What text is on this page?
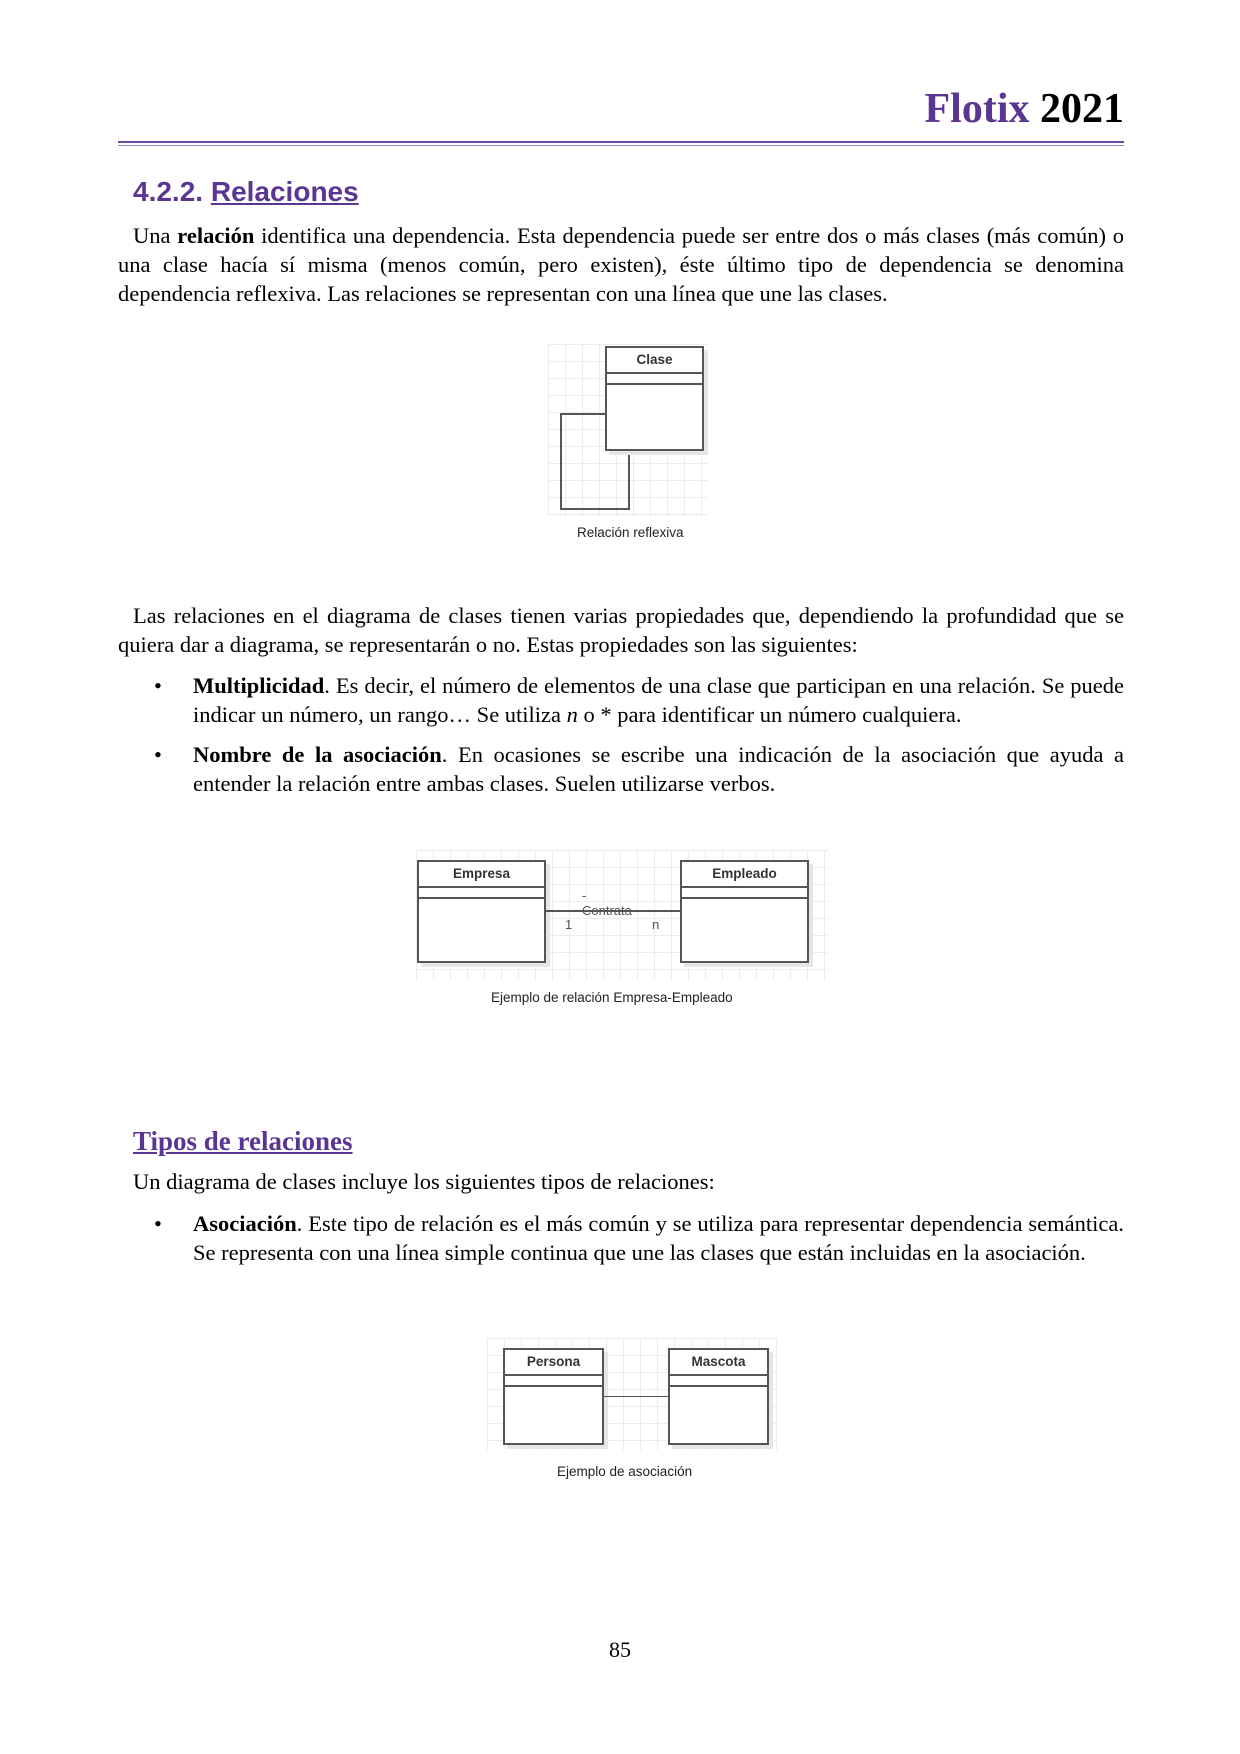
Flotix 2021
4.2.2. Relaciones
Una relación identifica una dependencia. Esta dependencia puede ser entre dos o más clases (más común) o una clase hacía sí misma (menos común, pero existen), éste último tipo de dependencia se denomina dependencia reflexiva. Las relaciones se representan con una línea que une las clases.
Clase
Relación reflexiva
Las relaciones en el diagrama de clases tienen varias propiedades que, dependiendo la profundidad que se quiera dar a diagrama, se representarán o no. Estas propiedades son las siguientes:
• Multiplicidad. Es decir, el número de elementos de una clase que participan en una relación. Se puede indicar un número, un rango… Se utiliza n o * para identificar un número cualquiera.
• Nombre de la asociación. En ocasiones se escribe una indicación de la asociación que ayuda a entender la relación entre ambas clases. Suelen utilizarse verbos.
Empresa	Empleado
-Contrata-
1	n
Ejemplo de relación Empresa-Empleado
Tipos de relaciones
Un diagrama de clases incluye los siguientes tipos de relaciones:
• Asociación. Este tipo de relación es el más común y se utiliza para representar dependencia semántica. Se representa con una línea simple continua que une las clases que están incluidas en la asociación.
Persona	Mascota
Ejemplo de asociación
85
